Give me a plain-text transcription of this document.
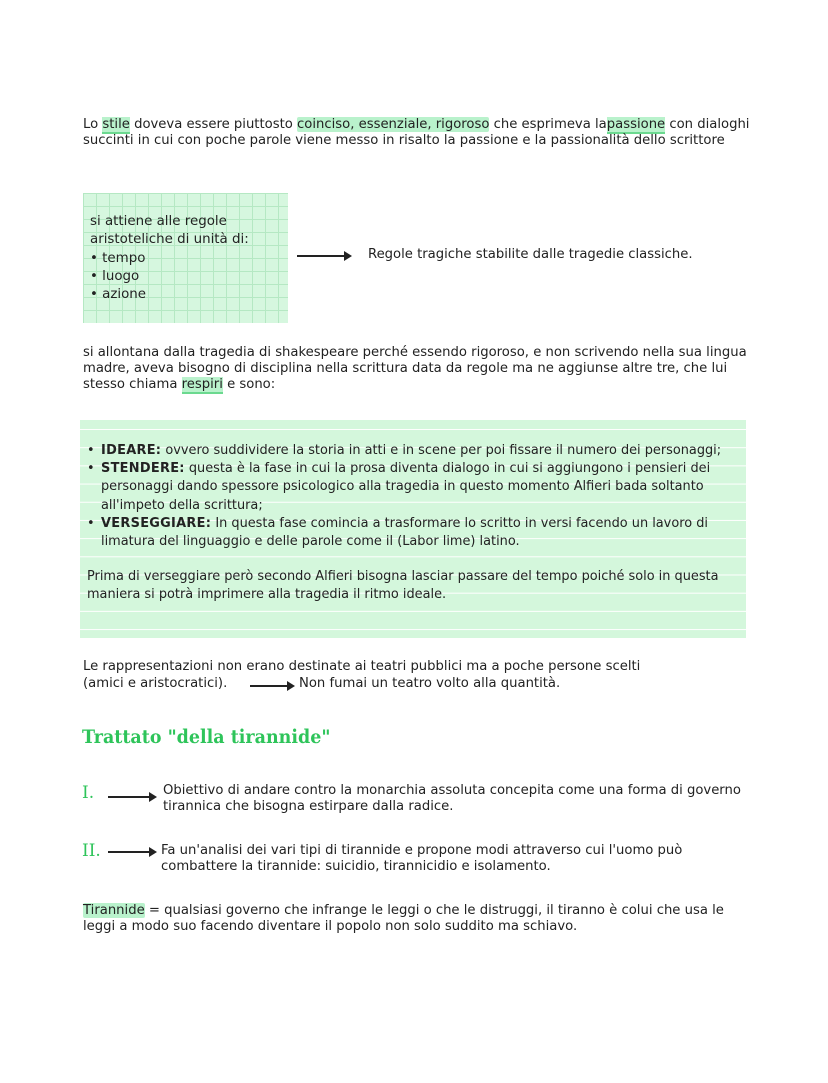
Lo stile doveva essere piuttosto coinciso, essenziale, rigoroso che esprimeva lapassione con dialoghi succinti in cui con poche parole viene messo in risalto la passione e la passionalità dello scrittore

si attiene alle regole
aristoteliche di unità di:
• tempo
• luogo
• azione
Regole tragiche stabilite dalle tragedie classiche.

si allontana dalla tragedia di shakespeare perché essendo rigoroso, e non scrivendo nella sua lingua madre, aveva bisogno di disciplina nella scrittura data da regole ma ne aggiunse altre tre, che lui stesso chiama respiri e sono:

• IDEARE: ovvero suddividere la storia in atti e in scene per poi fissare il numero dei personaggi;
• STENDERE: questa è la fase in cui la prosa diventa dialogo in cui si aggiungono i pensieri dei personaggi dando spessore psicologico alla tragedia in questo momento Alfieri bada soltanto all'impeto della scrittura;
• VERSEGGIARE: In questa fase comincia a trasformare lo scritto in versi facendo un lavoro di limatura del linguaggio e delle parole come il (Labor lime) latino.

Prima di verseggiare però secondo Alfieri bisogna lasciar passare del tempo poiché solo in questa maniera si potrà imprimere alla tragedia il ritmo ideale.

Le rappresentazioni non erano destinate ai teatri pubblici ma a poche persone scelti

(amici e aristocratici).	Non fumai un teatro volto alla quantità.
Trattato "della tirannide"
I.	Obiettivo di andare contro la monarchia assoluta concepita come una forma di governo tirannica che bisogna estirpare dalla radice.

II.	Fa un'analisi dei vari tipi di tirannide e propone modi attraverso cui l'uomo può combattere la tirannide: suicidio, tirannicidio e isolamento.

Tirannide = qualsiasi governo che infrange le leggi o che le distruggi, il tiranno è colui che usa le leggi a modo suo facendo diventare il popolo non solo suddito ma schiavo.
